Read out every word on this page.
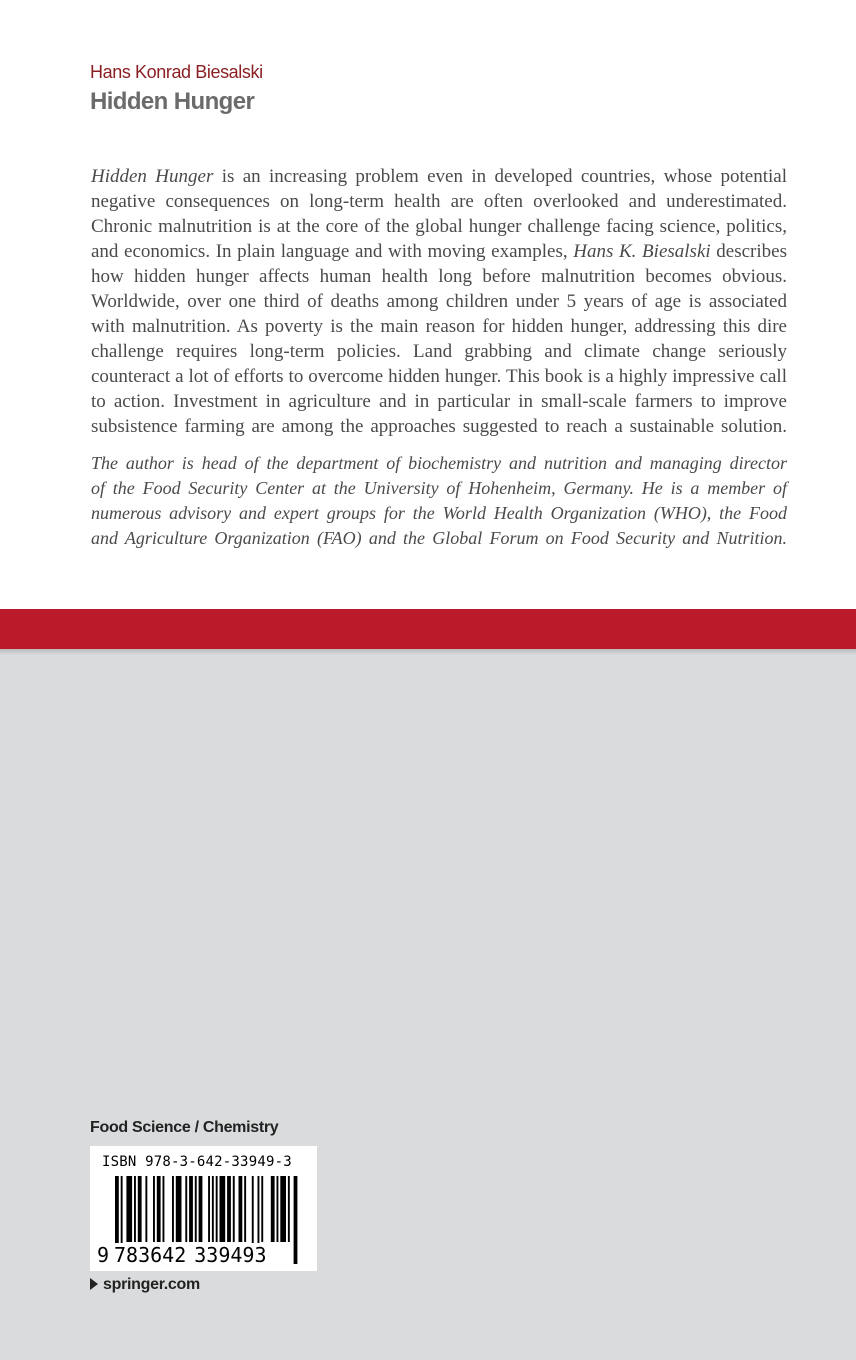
Hans Konrad Biesalski
Hidden Hunger
Hidden Hunger is an increasing problem even in developed countries, whose potential
negative consequences on long-term health are often overlooked and underestimated.
Chronic malnutrition is at the core of the global hunger challenge facing science, politics,
and economics. In plain language and with moving examples, Hans K. Biesalski describes
how hidden hunger affects human health long before malnutrition becomes obvious.
Worldwide, over one third of deaths among children under 5 years of age is associated
with malnutrition. As poverty is the main reason for hidden hunger, addressing this dire
challenge requires long-term policies. Land grabbing and climate change seriously
counteract a lot of efforts to overcome hidden hunger. This book is a highly impressive call
to action. Investment in agriculture and in particular in small-scale farmers to improve
subsistence farming are among the approaches suggested to reach a sustainable solution.
The author is head of the department of biochemistry and nutrition and managing director
of the Food Security Center at the University of Hohenheim, Germany. He is a member of
numerous advisory and expert groups for the World Health Organization (WHO), the Food
and Agriculture Organization (FAO) and the Global Forum on Food Security and Nutrition.
Food Science / Chemistry
ISBN 978-3-642-33949-3
9 783642 339493
springer.com
